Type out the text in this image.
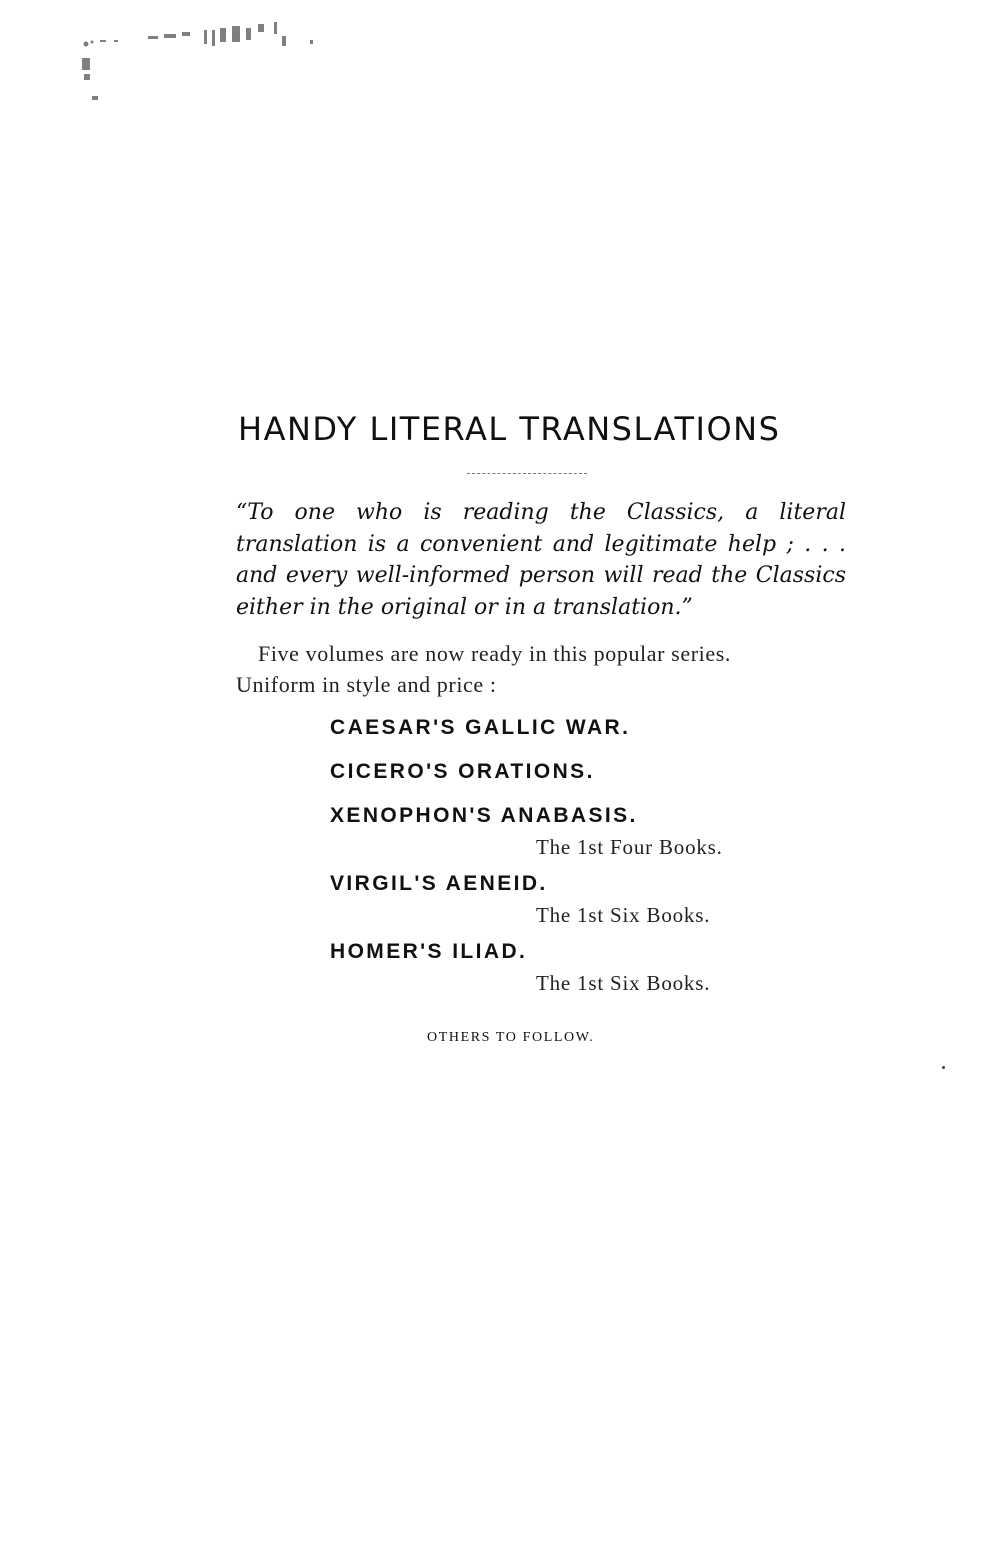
HANDY LITERAL TRANSLATIONS

“To one who is reading the Classics, a literal
translation is a convenient and legitimate help ; . . .
and every well-informed person will read the Classics
either in the original or in a translation.”

Five volumes are now ready in this popular series.
Uniform in style and price :

CAESAR'S GALLIC WAR.
CICERO'S ORATIONS.
XENOPHON'S ANABASIS.
The 1st Four Books.
VIRGIL'S AENEID.
The 1st Six Books.
HOMER'S ILIAD.
The 1st Six Books.

OTHERS TO FOLLOW.
